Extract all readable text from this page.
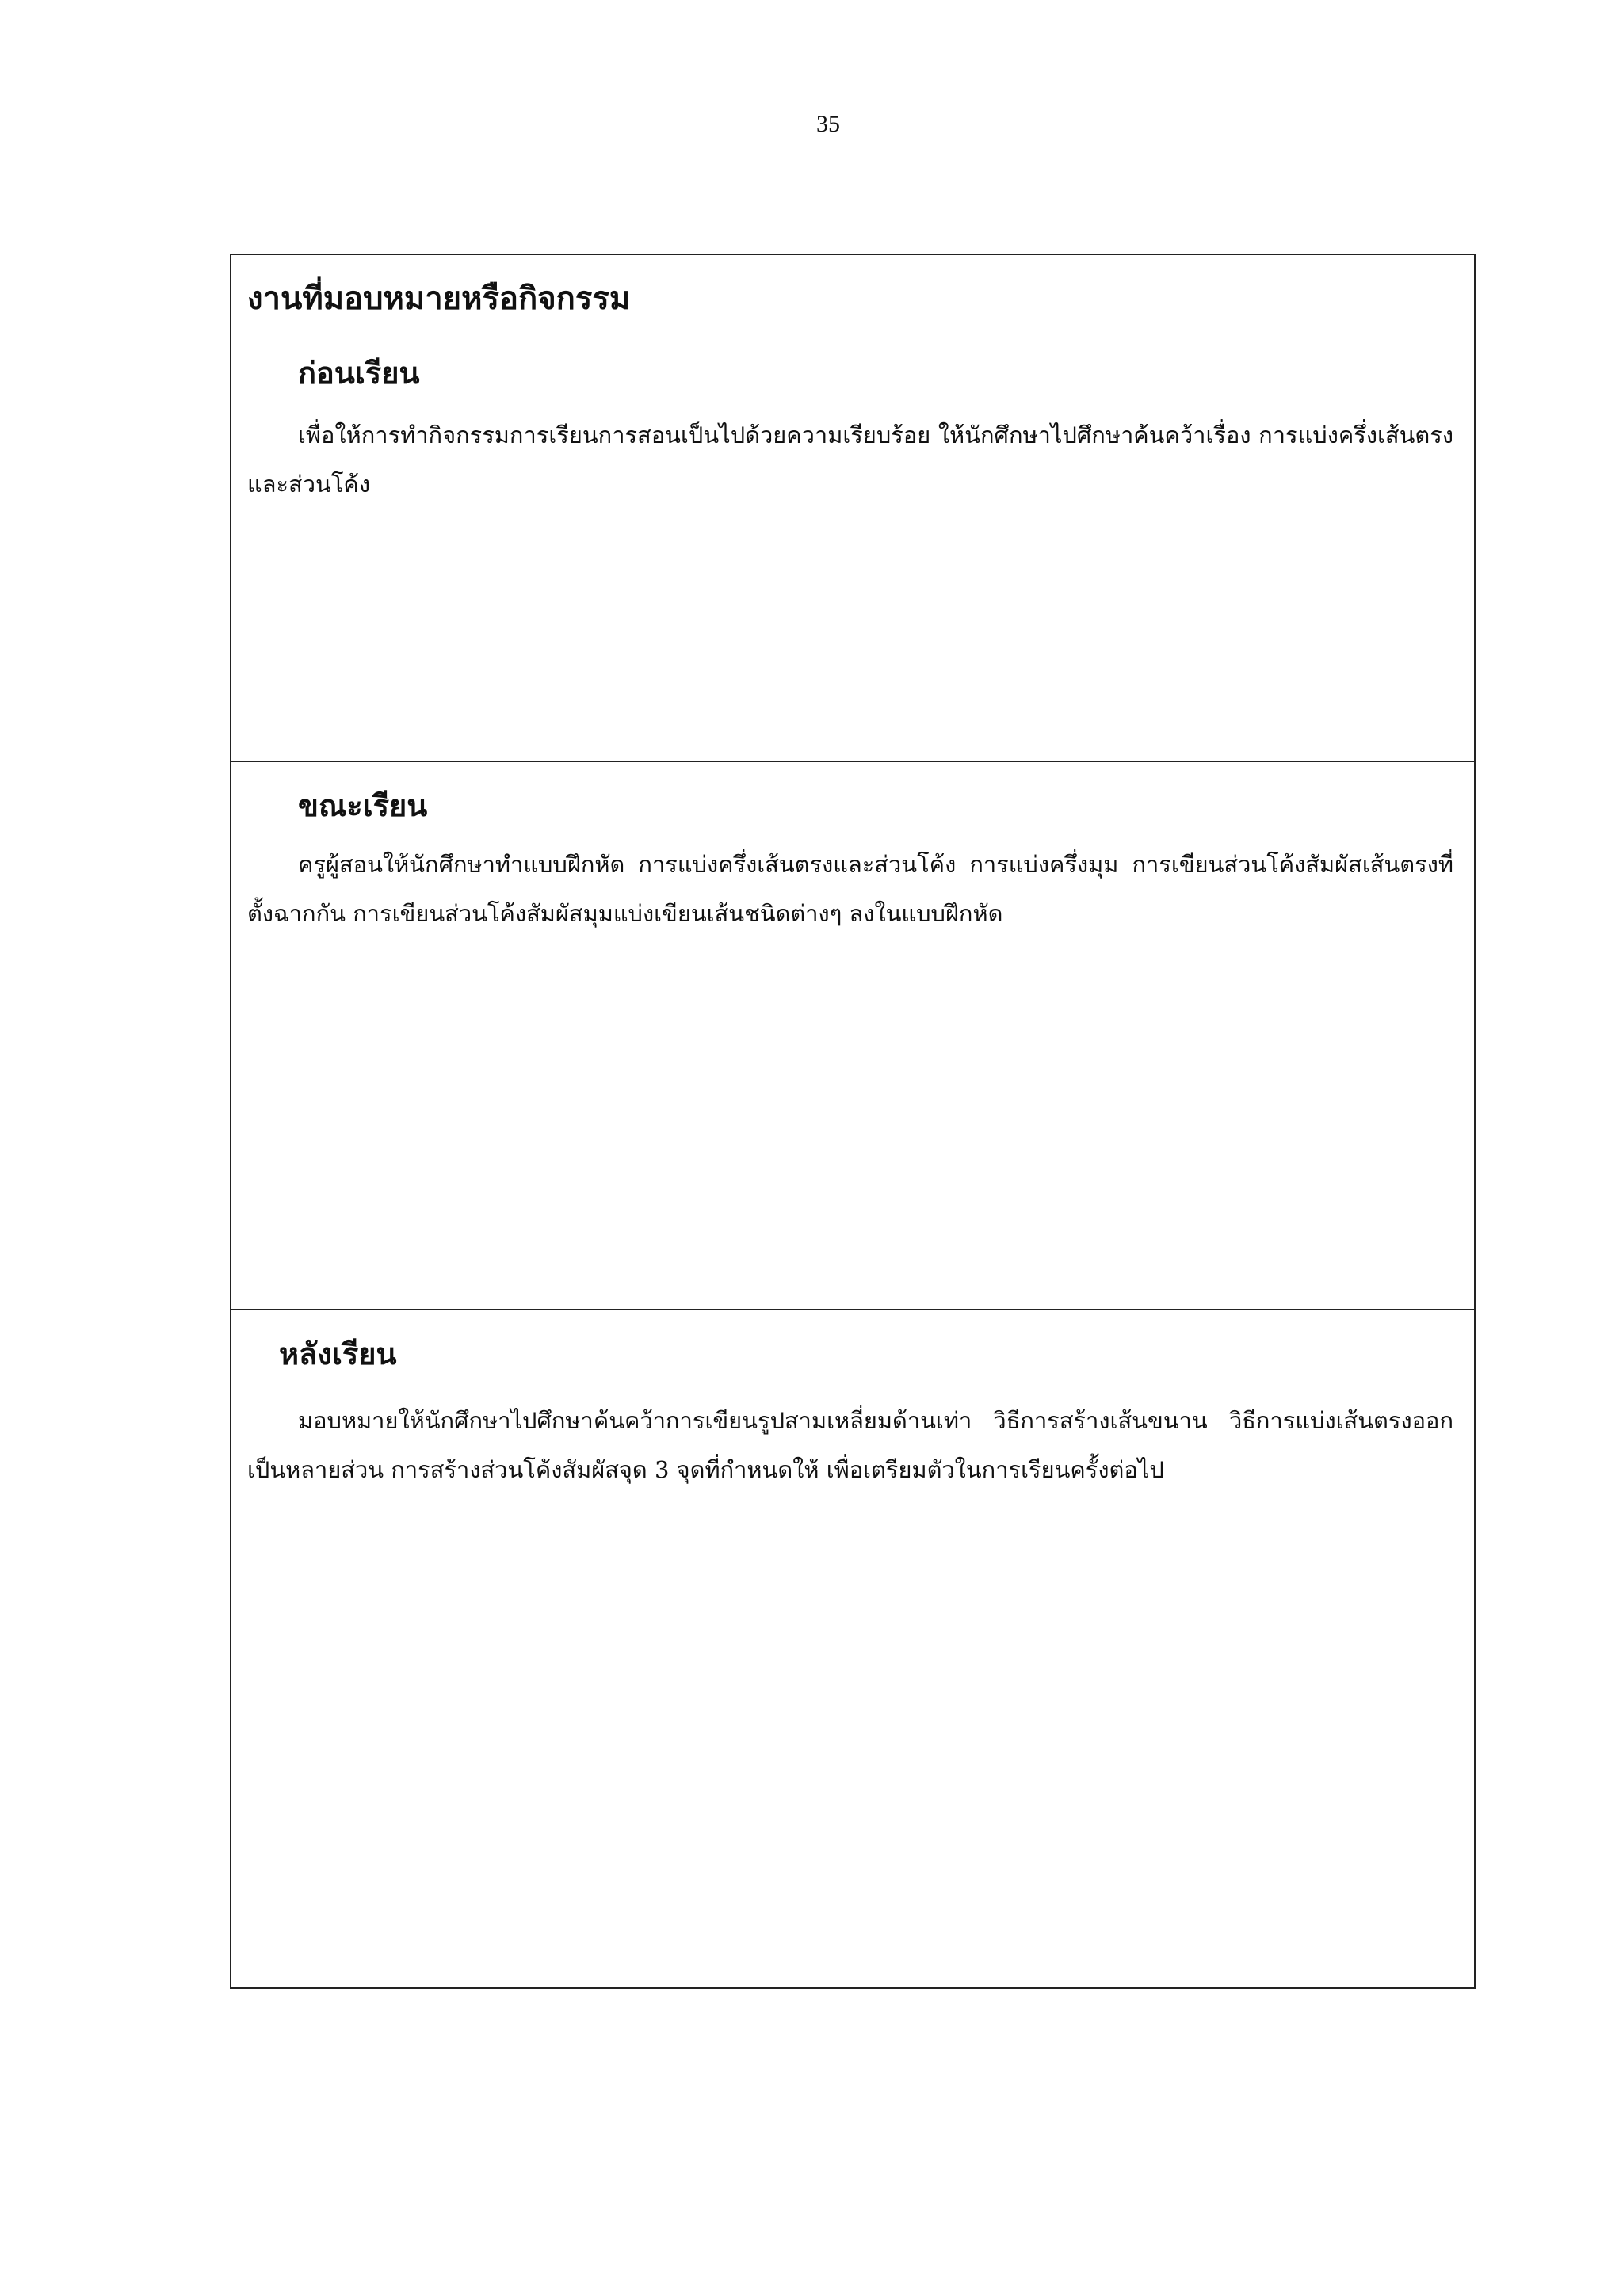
35
งานที่มอบหมายหรือกิจกรรม
ก่อนเรียน
เพื่อให้การทำกิจกรรมการเรียนการสอนเป็นไปด้วยความเรียบร้อย ให้นักศึกษาไปศึกษาค้นคว้าเรื่อง การแบ่งครึ่งเส้นตรงและส่วนโค้ง
ขณะเรียน
ครูผู้สอนให้นักศึกษาทำแบบฝึกหัด การแบ่งครึ่งเส้นตรงและส่วนโค้ง การแบ่งครึ่งมุม การเขียนส่วนโค้งสัมผัสเส้นตรงที่ตั้งฉากกัน การเขียนส่วนโค้งสัมผัสมุมแบ่งเขียนเส้นชนิดต่างๆ ลงในแบบฝึกหัด
หลังเรียน
มอบหมายให้นักศึกษาไปศึกษาค้นคว้าการเขียนรูปสามเหลี่ยมด้านเท่า วิธีการสร้างเส้นขนาน วิธีการแบ่งเส้นตรงออกเป็นหลายส่วน การสร้างส่วนโค้งสัมผัสจุด 3 จุดที่กำหนดให้ เพื่อเตรียมตัวในการเรียนครั้งต่อไป
